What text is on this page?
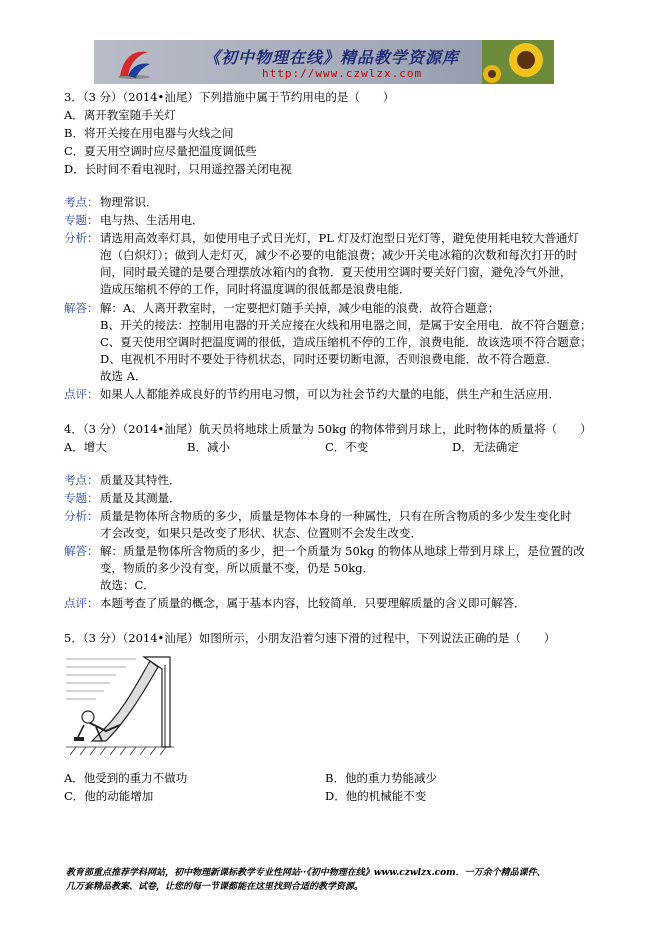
《初中物理在线》精品教学资源库
http://www.czwlzx.com
3．（3 分）（2014•汕尾）下列措施中属于节约用电的是（　　）
A．离开教室随手关灯
B．将开关接在用电器与火线之间
C．夏天用空调时应尽量把温度调低些
D．长时间不看电视时，只用遥控器关闭电视
考点： 物理常识．
专题： 电与热、生活用电．
分析： 请选用高效率灯具，如使用电子式日光灯，PL 灯及灯泡型日光灯等，避免使用耗电较大普通灯
泡（白炽灯）；做到人走灯灭，减少不必要的电能浪费；减少开关电冰箱的次数和每次打开的时
间，同时最关键的是要合理摆放冰箱内的食物．夏天使用空调时要关好门窗，避免冷气外泄，
造成压缩机不停的工作，同时将温度调的很低都是浪费电能．
解答： 解：A、人离开教室时，一定要把灯随手关掉，减少电能的浪费．故符合题意；
B、开关的接法：控制用电器的开关应接在火线和用电器之间，是属于安全用电．故不符合题意；
C、夏天使用空调时把温度调的很低，造成压缩机不停的工作，浪费电能．故该选项不符合题意；
D、电视机不用时不要处于待机状态，同时还要切断电源，否则浪费电能．故不符合题意．
故选 A．
点评： 如果人人都能养成良好的节约用电习惯，可以为社会节约大量的电能，供生产和生活应用．
4．（3 分）（2014•汕尾）航天员将地球上质量为 50kg 的物体带到月球上，此时物体的质量将（　　）
A．增大	B．减小	C．不变	D．无法确定
考点： 质量及其特性．
专题： 质量及其测量．
分析： 质量是物体所含物质的多少，质量是物体本身的一种属性，只有在所含物质的多少发生变化时
才会改变，如果只是改变了形状、状态、位置则不会发生改变．
解答： 解：质量是物体所含物质的多少，把一个质量为 50kg 的物体从地球上带到月球上，是位置的改
变，物质的多少没有变，所以质量不变，仍是 50kg．
故选：C．
点评： 本题考查了质量的概念，属于基本内容，比较简单．只要理解质量的含义即可解答．
5．（3 分）（2014•汕尾）如图所示，小朋友沿着匀速下滑的过程中，下列说法正确的是（　　）
A．他受到的重力不做功	B．他的重力势能减少
C．他的动能增加	D．他的机械能不变
教育部重点推荐学科网站，初中物理新课标教学专业性网站··《初中物理在线》www.czwlzx.com．一万余个精品课件、
几万套精品教案、试卷，让您的每一节课都能在这里找到合适的教学资源。
